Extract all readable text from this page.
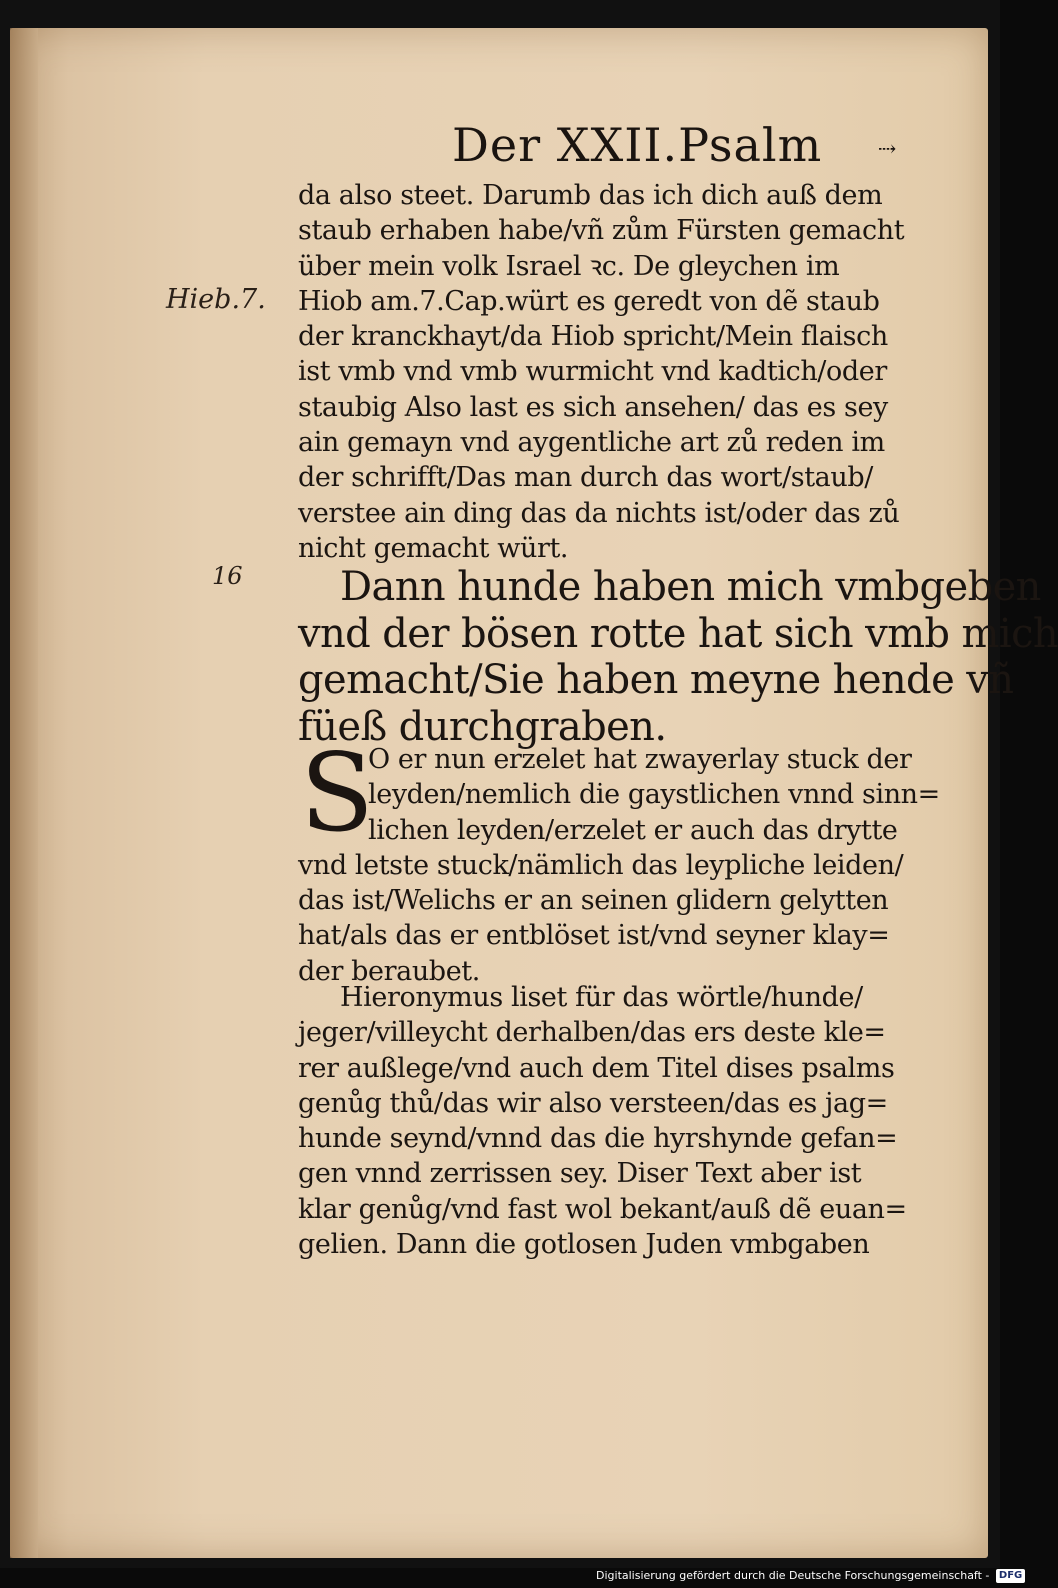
Der XXII.Psalm	⇢
Hieb.7.
16
da also steet. Darumb das ich dich auß dem
staub erhaben habe/vñ zům Fürsten gemacht
über mein volk Israel ꝛc. De gleychen im
Hiob am.7.Cap.würt es geredt von dẽ staub
der kranckhayt/da Hiob spricht/Mein flaisch
ist vmb vnd vmb wurmicht vnd kadtich/oder
staubig Also last es sich ansehen/ das es sey
ain gemayn vnd aygentliche art zů reden im
der schrifft/Das man durch das wort/staub/
verstee ain ding das da nichts ist/oder das zů
nicht gemacht würt.
Dann hunde haben mich vmbgeben
vnd der bösen rotte hat sich vmb mich
gemacht/Sie haben meyne hende vñ
füeß durchgraben.
S
O er nun erzelet hat zwayerlay stuck der
leyden/nemlich die gaystlichen vnnd sinn=
lichen leyden/erzelet er auch das drytte
vnd letste stuck/nämlich das leypliche leiden/
das ist/Welichs er an seinen glidern gelytten
hat/als das er entblöset ist/vnd seyner klay=
der beraubet.
Hieronymus liset für das wörtle/hunde/
jeger/villeycht derhalben/das ers deste kle=
rer außlege/vnd auch dem Titel dises psalms
genůg thů/das wir also versteen/das es jag=
hunde seynd/vnnd das die hyrshynde gefan=
gen vnnd zerrissen sey. Diser Text aber ist
klar genůg/vnd fast wol bekant/auß dẽ euan=
gelien. Dann die gotlosen Juden vmbgaben
Digitalisierung gefördert durch die Deutsche Forschungsgemeinschaft - DFG
